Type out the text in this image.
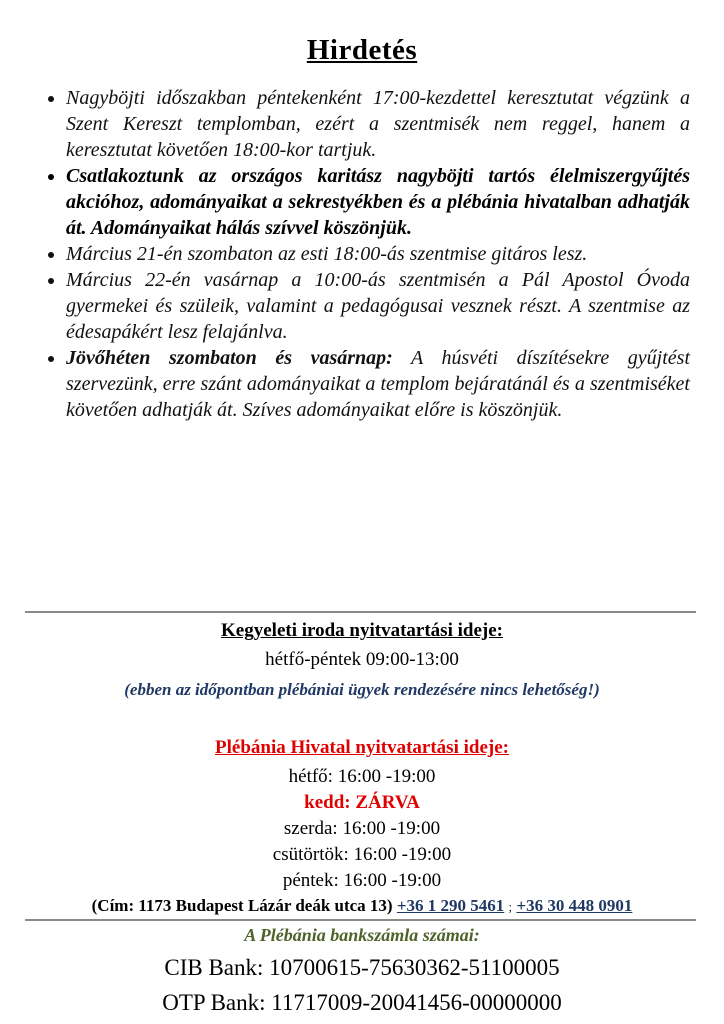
Hirdetés
• Nagyböjti időszakban péntekenként 17:00-kezdettel keresztutat végzünk a Szent Kereszt templomban, ezért a szentmisék nem reggel, hanem a keresztutat követően 18:00-kor tartjuk.
• Csatlakoztunk az országos karitász nagyböjti tartós élelmiszergyűjtés akcióhoz, adományaikat a sekrestyékben és a plébánia hivatalban adhatják át. Adományaikat hálás szívvel köszönjük.
• Március 21-én szombaton az esti 18:00-ás szentmise gitáros lesz.
• Március 22-én vasárnap a 10:00-ás szentmisén a Pál Apostol Óvoda gyermekei és szüleik, valamint a pedagógusai vesznek részt. A szentmise az édesapákért lesz felajánlva.
• Jövőhéten szombaton és vasárnap: A húsvéti díszítésekre gyűjtést szervezünk, erre szánt adományaikat a templom bejáratánál és a szentmiséket követően adhatják át. Szíves adományaikat előre is köszönjük.
Kegyeleti iroda nyitvatartási ideje:
hétfő-péntek 09:00-13:00
(ebben az időpontban plébániai ügyek rendezésére nincs lehetőség!)
Plébánia Hivatal nyitvatartási ideje:
hétfő: 16:00 -19:00
kedd: ZÁRVA
szerda: 16:00 -19:00
csütörtök: 16:00 -19:00
péntek: 16:00 -19:00
(Cím: 1173 Budapest Lázár deák utca 13) +36 1 290 5461 ; +36 30 448 0901
A Plébánia bankszámla számai:
CIB Bank: 10700615-75630362-51100005
OTP Bank: 11717009-20041456-00000000
